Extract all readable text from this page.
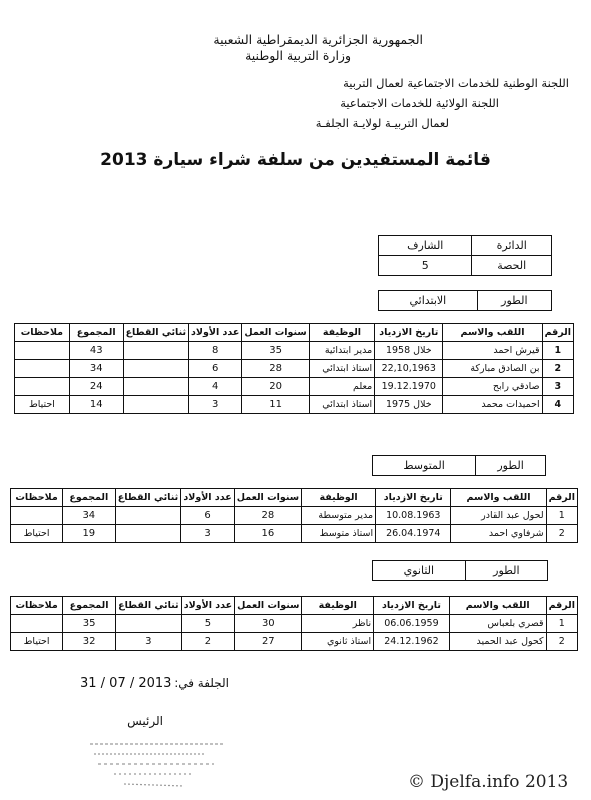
الجمهورية الجزائرية الديمقراطية الشعبية
وزارة التربية الوطنية
اللجنة الوطنية للخدمات الاجتماعية لعمال التربية
اللجنة الولائية للخدمات الاجتماعية
لعمال التربيـة لولايـة الجلفـة
قائمة المستفيدين من سلفة شراء سيارة 2013
الدائرة	الشارف
الحصة	5
الطور	الابتدائي
الرقم	اللقب والاسم	تاريخ الازدياد	الوظيفة	سنوات العمل	عدد الأولاد	ثنائي القطاع	المجموع	ملاحظات
1	قيرش احمد	خلال 1958	مدير ابتدائية	35	8		43	
2	بن الصادق مباركة	22,10,1963	استاذ ابتدائي	28	6		34	
3	صادقي رابح	19.12.1970	معلم	20	4		24	
4	احميدات محمد	خلال 1975	استاذ ابتدائي	11	3		14	احتياط
الطور	المتوسط
الرقم	اللقب والاسم	تاريخ الازدياد	الوظيفة	سنوات العمل	عدد الأولاد	ثنائي القطاع	المجموع	ملاحظات
1	لحول عبد القادر	10.08.1963	مدير متوسطة	28	6		34	
2	شرفاوي احمد	26.04.1974	استاذ متوسط	16	3		19	احتياط
الطور	الثانوي
الرقم	اللقب والاسم	تاريخ الازدياد	الوظيفة	سنوات العمل	عدد الأولاد	ثنائي القطاع	المجموع	ملاحظات
1	قصري بلعباس	06.06.1959	ناظر	30	5		35	
2	كحول عبد الحميد	24.12.1962	استاذ ثانوي	27	2	3	32	احتياط
الجلفة في:
31 / 07 / 2013
الرئيس
© Djelfa.info 2013
